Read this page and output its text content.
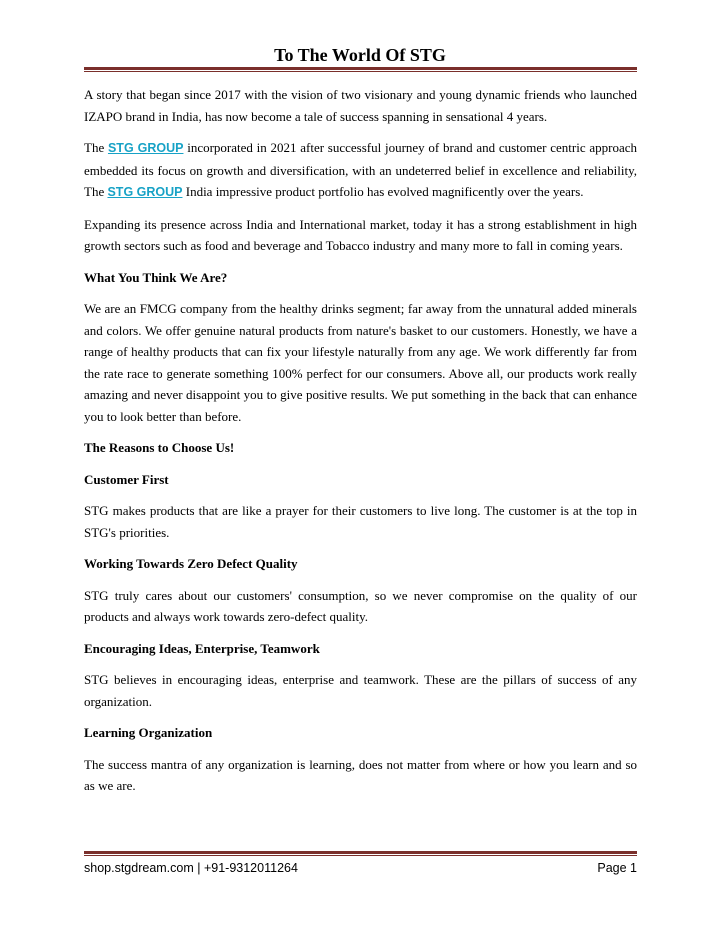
To The World Of STG

A story that began since 2017 with the vision of two visionary and young dynamic friends who launched IZAPO brand in India, has now become a tale of success spanning in sensational 4 years.

The STG GROUP incorporated in 2021 after successful journey of brand and customer centric approach embedded its focus on growth and diversification, with an undeterred belief in excellence and reliability, The STG GROUP India impressive product portfolio has evolved magnificently over the years.

Expanding its presence across India and International market, today it has a strong establishment in high growth sectors such as food and beverage and Tobacco industry and many more to fall in coming years.

What You Think We Are?

We are an FMCG company from the healthy drinks segment; far away from the unnatural added minerals and colors. We offer genuine natural products from nature's basket to our customers. Honestly, we have a range of healthy products that can fix your lifestyle naturally from any age. We work differently far from the rate race to generate something 100% perfect for our consumers. Above all, our products work really amazing and never disappoint you to give positive results. We put something in the back that can enhance you to look better than before.

The Reasons to Choose Us!
Customer First

STG makes products that are like a prayer for their customers to live long. The customer is at the top in STG's priorities.

Working Towards Zero Defect Quality

STG truly cares about our customers' consumption, so we never compromise on the quality of our products and always work towards zero-defect quality.

Encouraging Ideas, Enterprise, Teamwork

STG believes in encouraging ideas, enterprise and teamwork. These are the pillars of success of any organization.

Learning Organization

The success mantra of any organization is learning, does not matter from where or how you learn and so as we are.

shop.stgdream.com | +91-9312011264	Page 1
